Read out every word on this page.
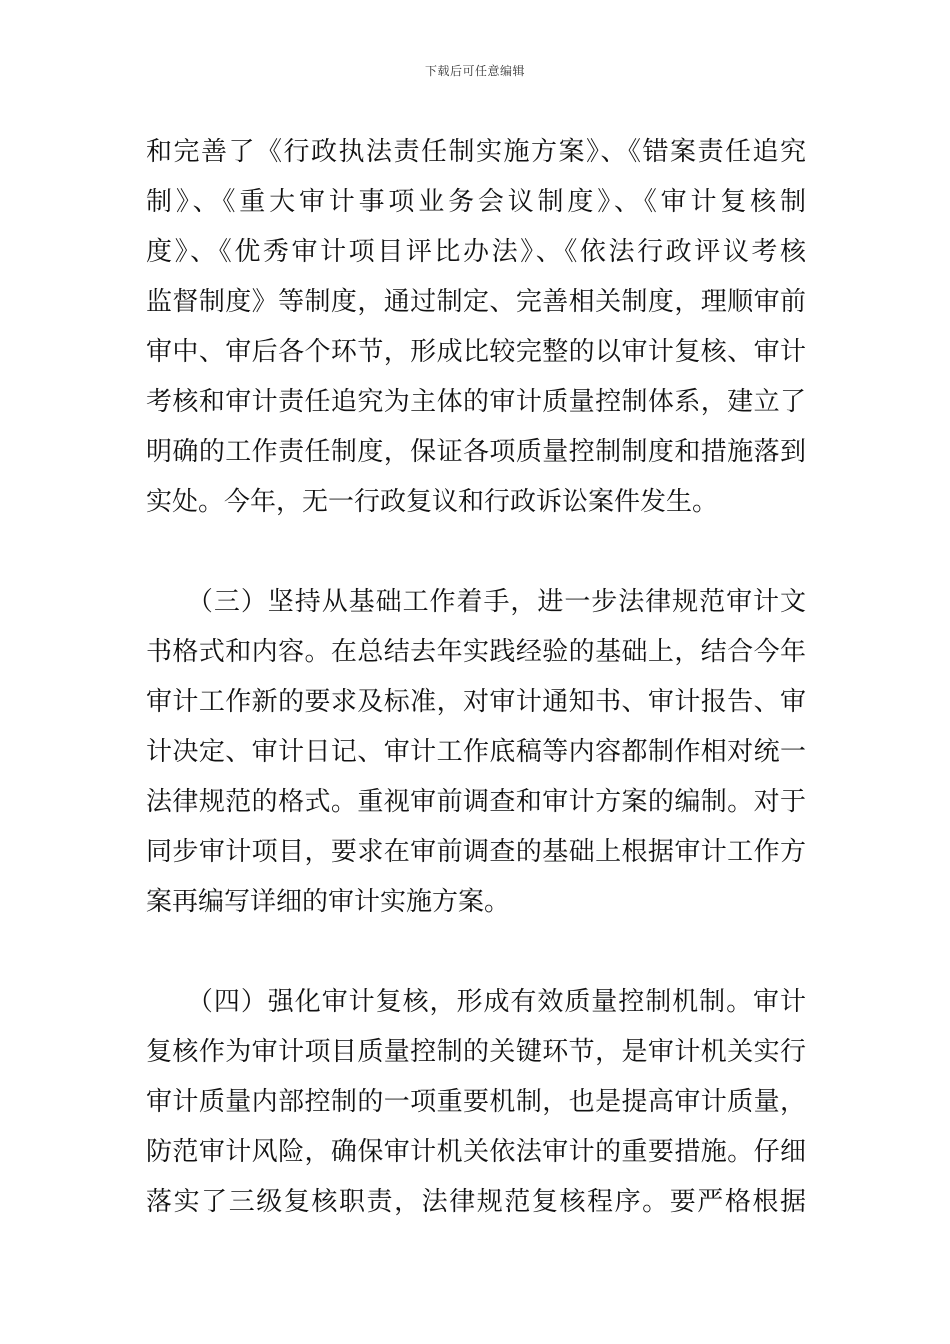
下载后可任意编辑
和完善了《行政执法责任制实施方案》、《错案责任追究
制》、《重大审计事项业务会议制度》、《审计复核制
度》、《优秀审计项目评比办法》、《依法行政评议考核
监督制度》等制度，通过制定、完善相关制度，理顺审前
审中、审后各个环节，形成比较完整的以审计复核、审计
考核和审计责任追究为主体的审计质量控制体系，建立了
明确的工作责任制度，保证各项质量控制制度和措施落到
实处。今年，无一行政复议和行政诉讼案件发生。
　　（三）坚持从基础工作着手，进一步法律规范审计文
书格式和内容。在总结去年实践经验的基础上，结合今年
审计工作新的要求及标准，对审计通知书、审计报告、审
计决定、审计日记、审计工作底稿等内容都制作相对统一
法律规范的格式。重视审前调查和审计方案的编制。对于
同步审计项目，要求在审前调查的基础上根据审计工作方
案再编写详细的审计实施方案。
　　（四）强化审计复核，形成有效质量控制机制。审计
复核作为审计项目质量控制的关键环节，是审计机关实行
审计质量内部控制的一项重要机制，也是提高审计质量，
防范审计风险，确保审计机关依法审计的重要措施。仔细
落实了三级复核职责，法律规范复核程序。要严格根据
